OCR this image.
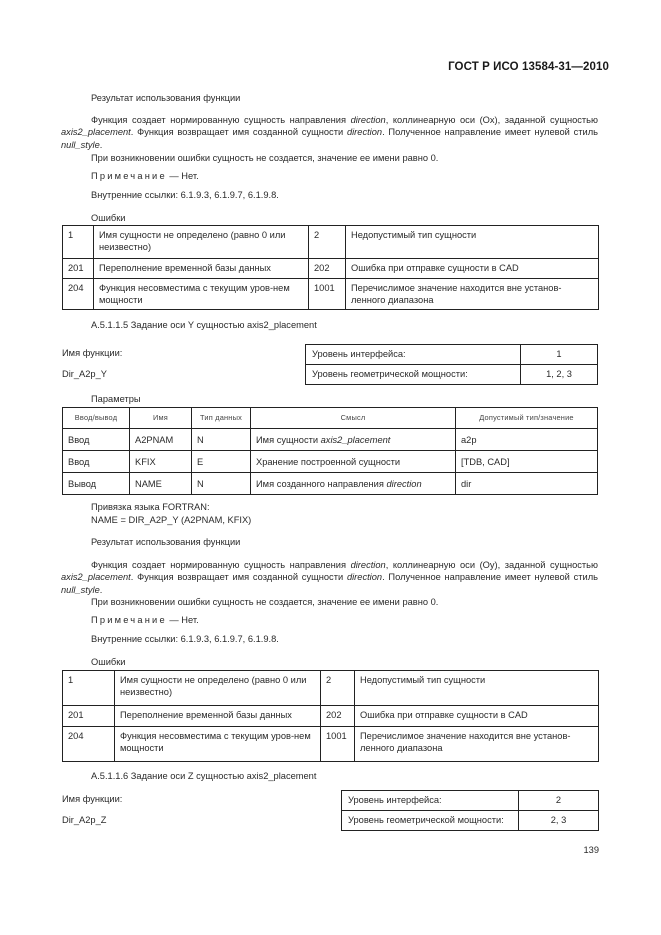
ГОСТ Р ИСО 13584-31—2010
Результат использования функции
Функция создает нормированную сущность направления direction, коллинеарную оси (Ox), заданной сущностью axis2_placement. Функция возвращает имя созданной сущности direction. Полученное направление имеет нулевой стиль null_style.
При возникновении ошибки сущность не создается, значение ее имени равно 0.
Примечание — Нет.
Внутренние ссылки: 6.1.9.3, 6.1.9.7, 6.1.9.8.
Ошибки
1	Имя сущности не определено (равно 0 или неизвестно)	2	Недопустимый тип сущности
201	Переполнение временной базы данных	202	Ошибка при отправке сущности в CAD
204	Функция несовместима с текущим уров-нем мощности	1001	Перечислимое значение находится вне установ-ленного диапазона
А.5.1.1.5 Задание оси Y сущностью axis2_placement
Имя функции:
Dir_A2p_Y
Уровень интерфейса:	1
Уровень геометрической мощности:	1, 2, 3
Параметры
Ввод/вывод	Имя	Тип данных	Смысл	Допустимый тип/значение
Ввод	A2PNAM	N	Имя сущности axis2_placement	a2p
Ввод	KFIX	E	Хранение построенной сущности	[TDB, CAD]
Вывод	NAME	N	Имя созданного направления direction	dir
Привязка языка FORTRAN:
NAME = DIR_A2P_Y (A2PNAM, KFIX)
Результат использования функции
Функция создает нормированную сущность направления direction, коллинеарную оси (Oy), заданной сущностью axis2_placement. Функция возвращает имя созданной сущности direction. Полученное направление имеет нулевой стиль null_style.
При возникновении ошибки сущность не создается, значение ее имени равно 0.
Примечание — Нет.
Внутренние ссылки: 6.1.9.3, 6.1.9.7, 6.1.9.8.
Ошибки
1	Имя сущности не определено (равно 0 или неизвестно)	2	Недопустимый тип сущности
201	Переполнение временной базы данных	202	Ошибка при отправке сущности в CAD
204	Функция несовместима с текущим уров-нем мощности	1001	Перечислимое значение находится вне установ-ленного диапазона
А.5.1.1.6 Задание оси Z сущностью axis2_placement
Имя функции:
Dir_A2p_Z
Уровень интерфейса:	2
Уровень геометрической мощности:	2, 3
139
